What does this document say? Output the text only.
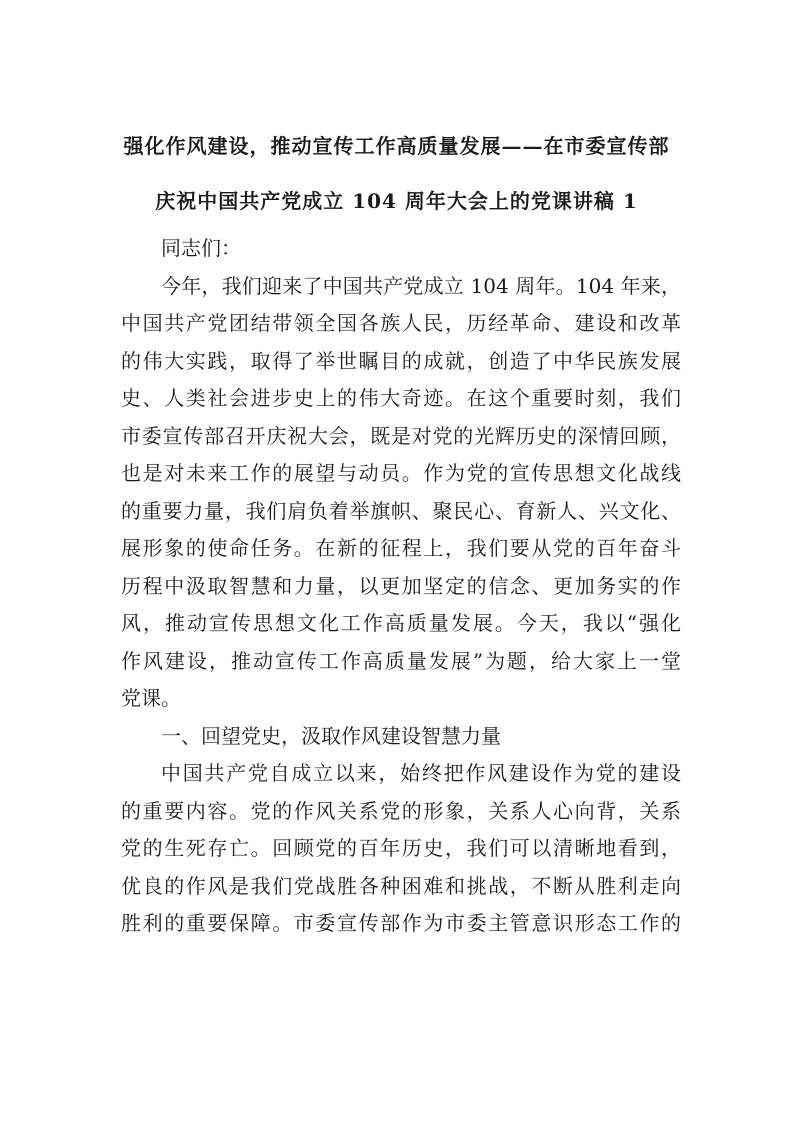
强化作风建设，推动宣传工作高质量发展——在市委宣传部
庆祝中国共产党成立 104 周年大会上的党课讲稿 1
同志们：
今年，我们迎来了中国共产党成立 104 周年。104 年来，
中国共产党团结带领全国各族人民，历经革命、建设和改革
的伟大实践，取得了举世瞩目的成就，创造了中华民族发展
史、人类社会进步史上的伟大奇迹。在这个重要时刻，我们
市委宣传部召开庆祝大会，既是对党的光辉历史的深情回顾，
也是对未来工作的展望与动员。作为党的宣传思想文化战线
的重要力量，我们肩负着举旗帜、聚民心、育新人、兴文化、
展形象的使命任务。在新的征程上，我们要从党的百年奋斗
历程中汲取智慧和力量，以更加坚定的信念、更加务实的作
风，推动宣传思想文化工作高质量发展。今天，我以“强化
作风建设，推动宣传工作高质量发展”为题，给大家上一堂
党课。
一、回望党史，汲取作风建设智慧力量
中国共产党自成立以来，始终把作风建设作为党的建设
的重要内容。党的作风关系党的形象，关系人心向背，关系
党的生死存亡。回顾党的百年历史，我们可以清晰地看到，
优良的作风是我们党战胜各种困难和挑战，不断从胜利走向
胜利的重要保障。市委宣传部作为市委主管意识形态工作的
